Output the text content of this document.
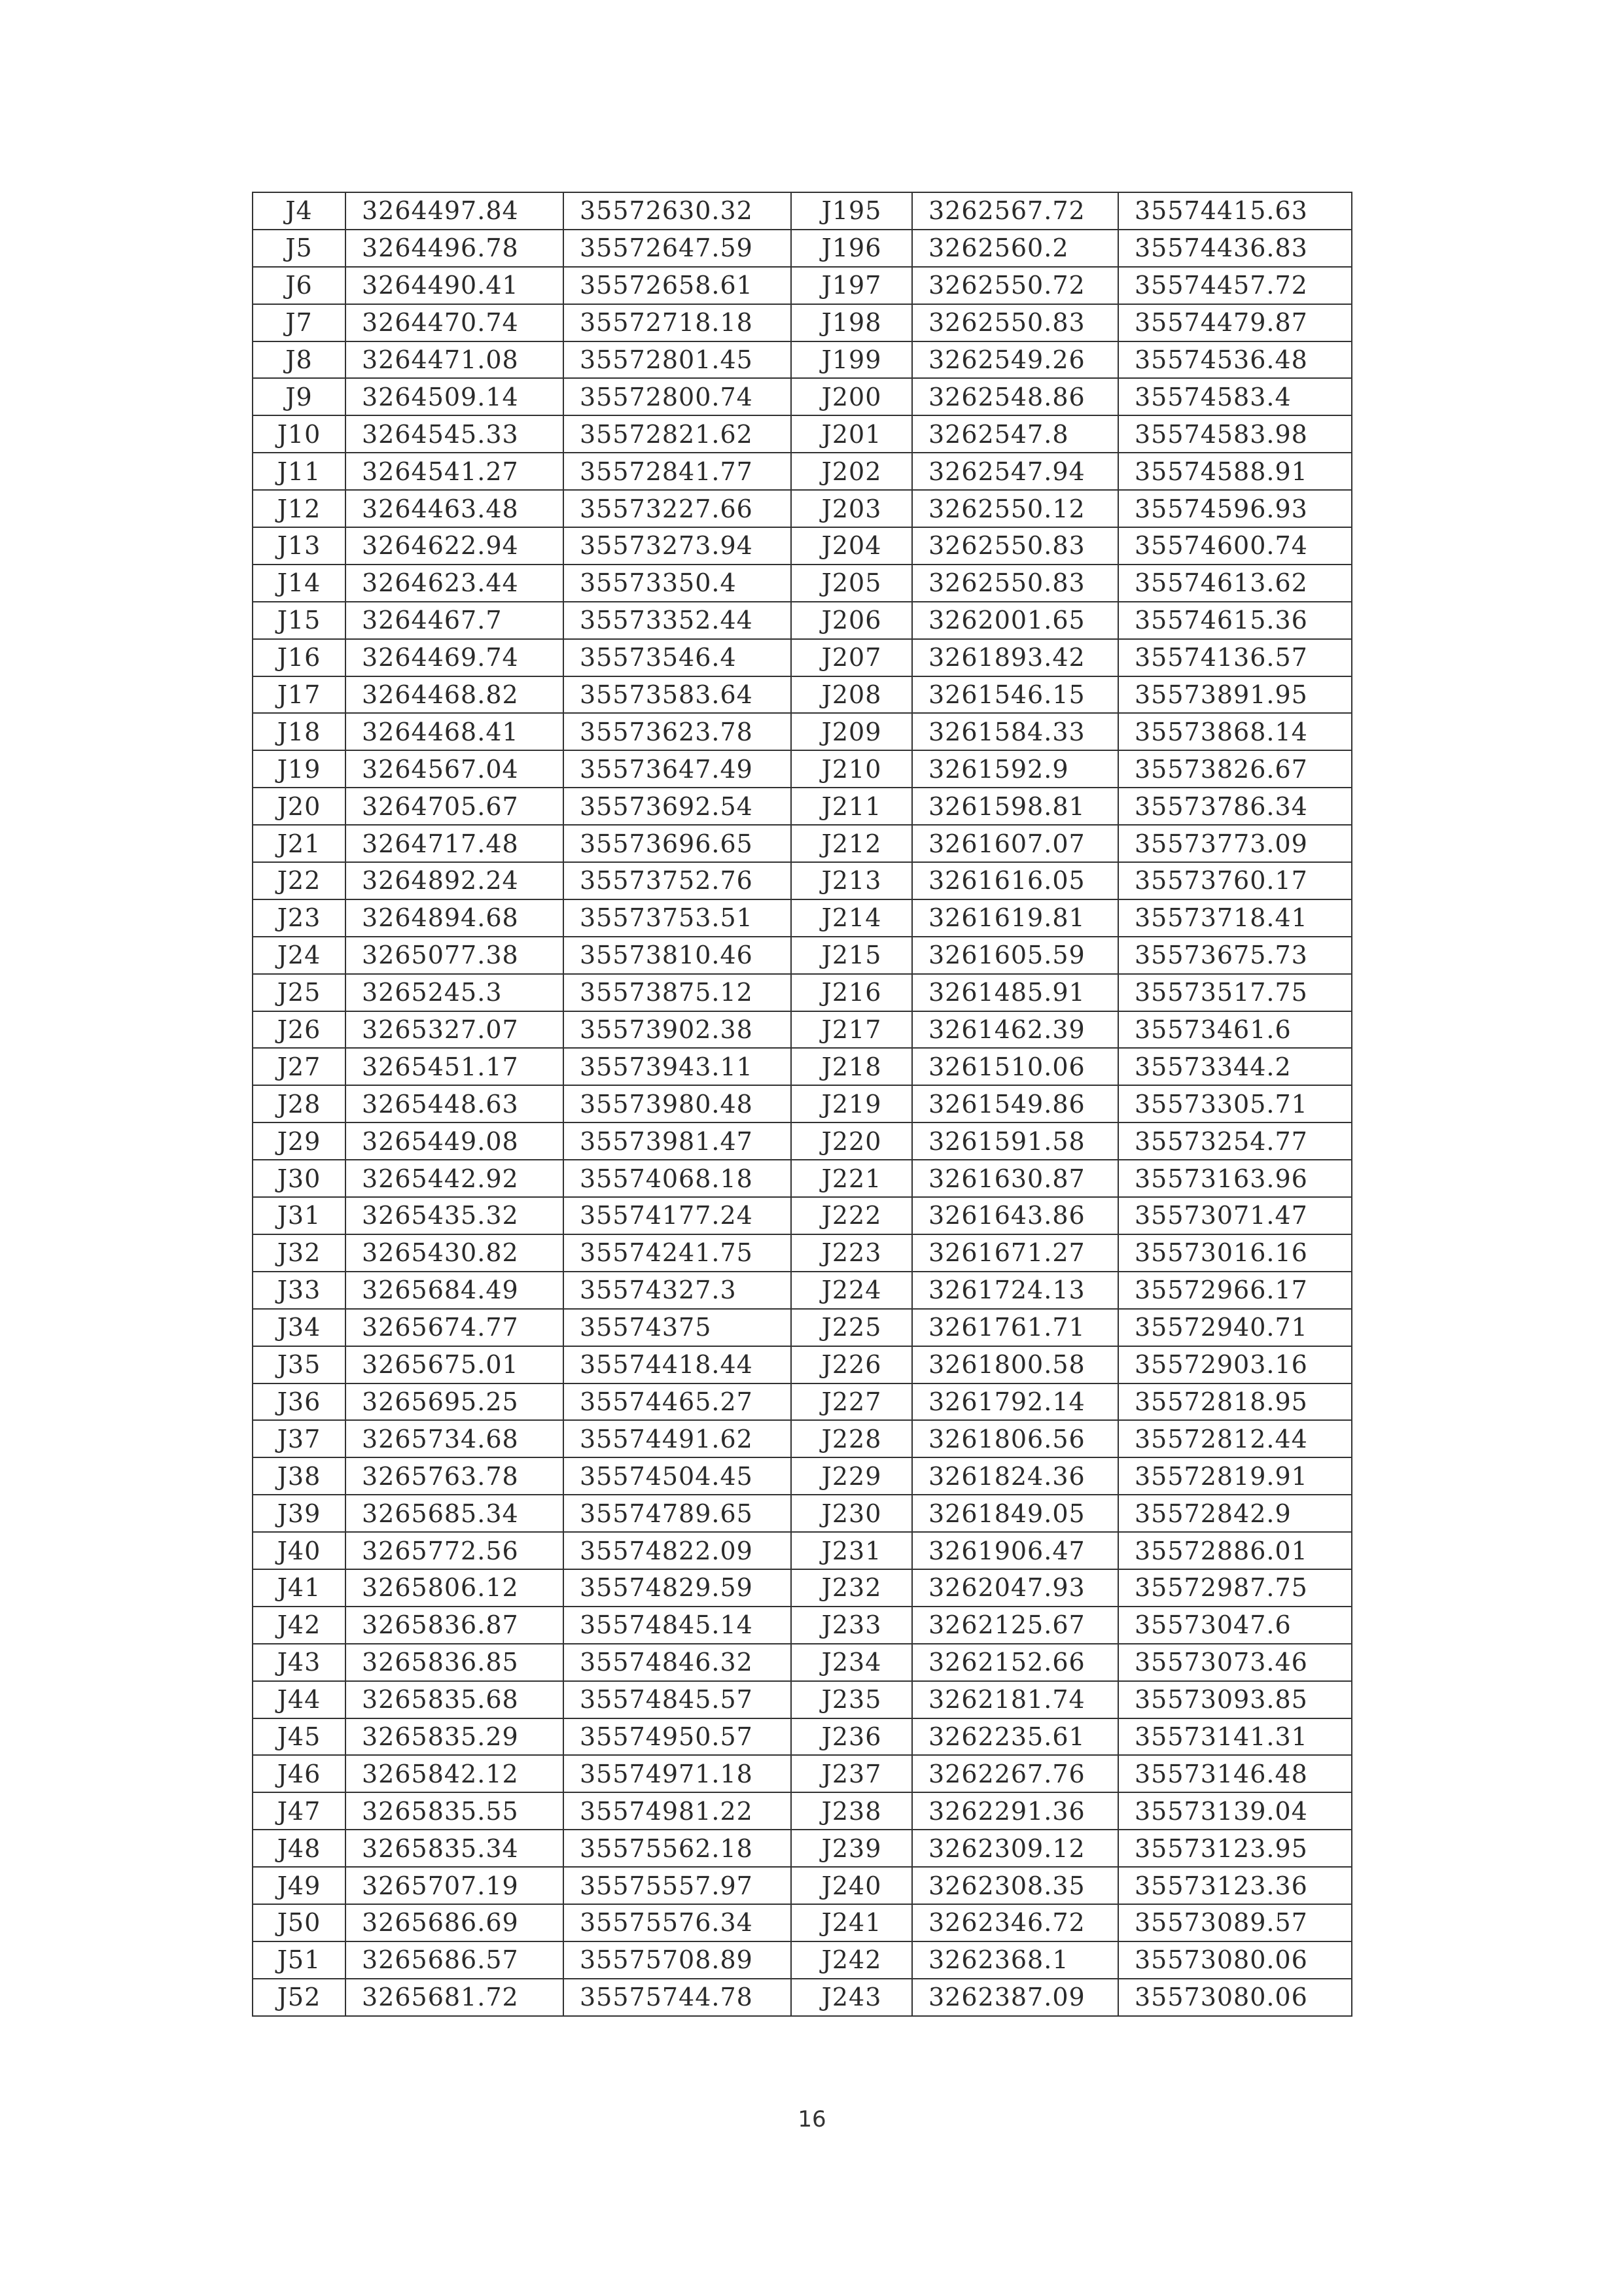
J4	3264497.84	35572630.32	J195	3262567.72	35574415.63
J5	3264496.78	35572647.59	J196	3262560.2	35574436.83
J6	3264490.41	35572658.61	J197	3262550.72	35574457.72
J7	3264470.74	35572718.18	J198	3262550.83	35574479.87
J8	3264471.08	35572801.45	J199	3262549.26	35574536.48
J9	3264509.14	35572800.74	J200	3262548.86	35574583.4
J10	3264545.33	35572821.62	J201	3262547.8	35574583.98
J11	3264541.27	35572841.77	J202	3262547.94	35574588.91
J12	3264463.48	35573227.66	J203	3262550.12	35574596.93
J13	3264622.94	35573273.94	J204	3262550.83	35574600.74
J14	3264623.44	35573350.4	J205	3262550.83	35574613.62
J15	3264467.7	35573352.44	J206	3262001.65	35574615.36
J16	3264469.74	35573546.4	J207	3261893.42	35574136.57
J17	3264468.82	35573583.64	J208	3261546.15	35573891.95
J18	3264468.41	35573623.78	J209	3261584.33	35573868.14
J19	3264567.04	35573647.49	J210	3261592.9	35573826.67
J20	3264705.67	35573692.54	J211	3261598.81	35573786.34
J21	3264717.48	35573696.65	J212	3261607.07	35573773.09
J22	3264892.24	35573752.76	J213	3261616.05	35573760.17
J23	3264894.68	35573753.51	J214	3261619.81	35573718.41
J24	3265077.38	35573810.46	J215	3261605.59	35573675.73
J25	3265245.3	35573875.12	J216	3261485.91	35573517.75
J26	3265327.07	35573902.38	J217	3261462.39	35573461.6
J27	3265451.17	35573943.11	J218	3261510.06	35573344.2
J28	3265448.63	35573980.48	J219	3261549.86	35573305.71
J29	3265449.08	35573981.47	J220	3261591.58	35573254.77
J30	3265442.92	35574068.18	J221	3261630.87	35573163.96
J31	3265435.32	35574177.24	J222	3261643.86	35573071.47
J32	3265430.82	35574241.75	J223	3261671.27	35573016.16
J33	3265684.49	35574327.3	J224	3261724.13	35572966.17
J34	3265674.77	35574375	J225	3261761.71	35572940.71
J35	3265675.01	35574418.44	J226	3261800.58	35572903.16
J36	3265695.25	35574465.27	J227	3261792.14	35572818.95
J37	3265734.68	35574491.62	J228	3261806.56	35572812.44
J38	3265763.78	35574504.45	J229	3261824.36	35572819.91
J39	3265685.34	35574789.65	J230	3261849.05	35572842.9
J40	3265772.56	35574822.09	J231	3261906.47	35572886.01
J41	3265806.12	35574829.59	J232	3262047.93	35572987.75
J42	3265836.87	35574845.14	J233	3262125.67	35573047.6
J43	3265836.85	35574846.32	J234	3262152.66	35573073.46
J44	3265835.68	35574845.57	J235	3262181.74	35573093.85
J45	3265835.29	35574950.57	J236	3262235.61	35573141.31
J46	3265842.12	35574971.18	J237	3262267.76	35573146.48
J47	3265835.55	35574981.22	J238	3262291.36	35573139.04
J48	3265835.34	35575562.18	J239	3262309.12	35573123.95
J49	3265707.19	35575557.97	J240	3262308.35	35573123.36
J50	3265686.69	35575576.34	J241	3262346.72	35573089.57
J51	3265686.57	35575708.89	J242	3262368.1	35573080.06
J52	3265681.72	35575744.78	J243	3262387.09	35573080.06
16
